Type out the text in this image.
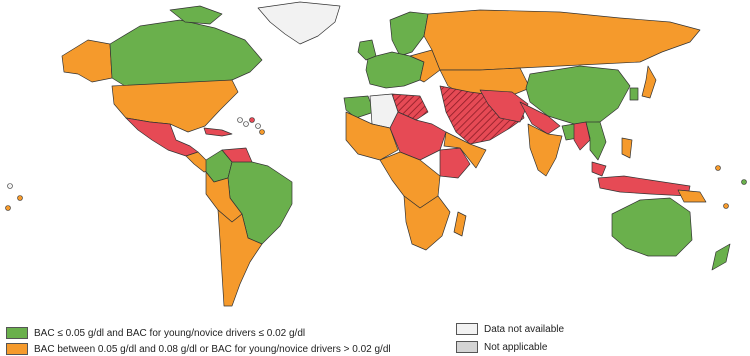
BAC ≤ 0.05 g/dl and BAC for young/novice drivers ≤ 0.02 g/dl
BAC between 0.05 g/dl and 0.08 g/dl or BAC for young/novice drivers > 0.02 g/dl
Data not available
Not applicable
